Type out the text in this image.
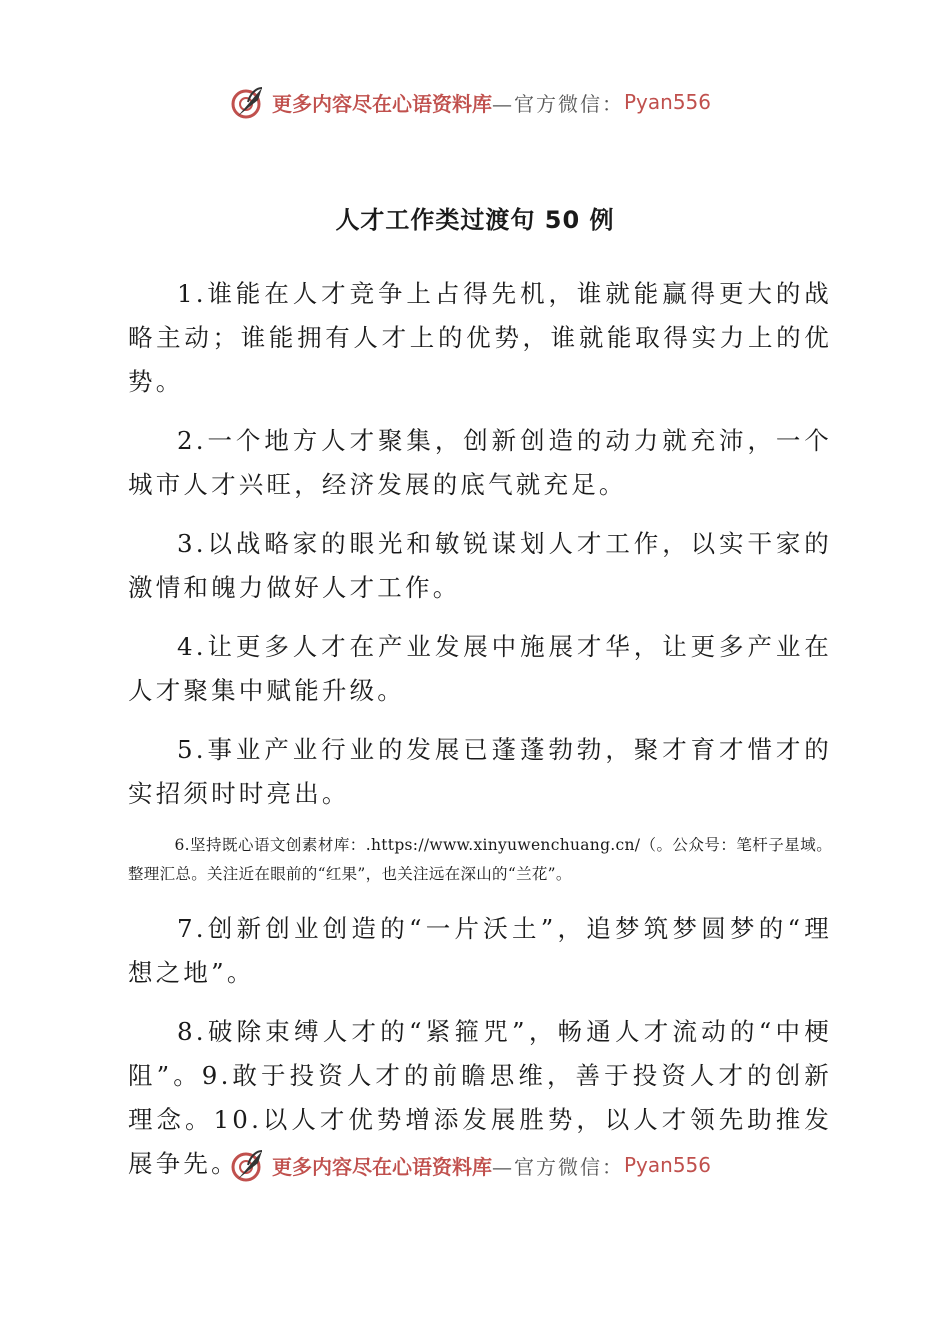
更多内容尽在心语资料库 —官方微信： Pyan556
人才工作类过渡句 50 例

1.谁能在人才竞争上占得先机，谁就能赢得更大的战略主动；谁能拥有人才上的优势，谁就能取得实力上的优势。

2.一个地方人才聚集，创新创造的动力就充沛，一个城市人才兴旺，经济发展的底气就充足。

3.以战略家的眼光和敏锐谋划人才工作，以实干家的激情和魄力做好人才工作。

4.让更多人才在产业发展中施展才华，让更多产业在人才聚集中赋能升级。

5.事业产业行业的发展已蓬蓬勃勃，聚才育才惜才的实招须时时亮出。

6.坚持既心语文创素材库：.https://www.xinyuwenchuang.cn/（。公众号：笔杆子星域。整理汇总。关注近在眼前的“红果”，也关注远在深山的“兰花”。

7.创新创业创造的“一片沃土”，追梦筑梦圆梦的“理想之地”。

8.破除束缚人才的“紧箍咒”，畅通人才流动的“中梗阻”。9.敢于投资人才的前瞻思维，善于投资人才的创新理念。10.以人才优势增添发展胜势，以人才领先助推发展争先。	更多内容尽在心语资料库 —官方微信： Pyan556
